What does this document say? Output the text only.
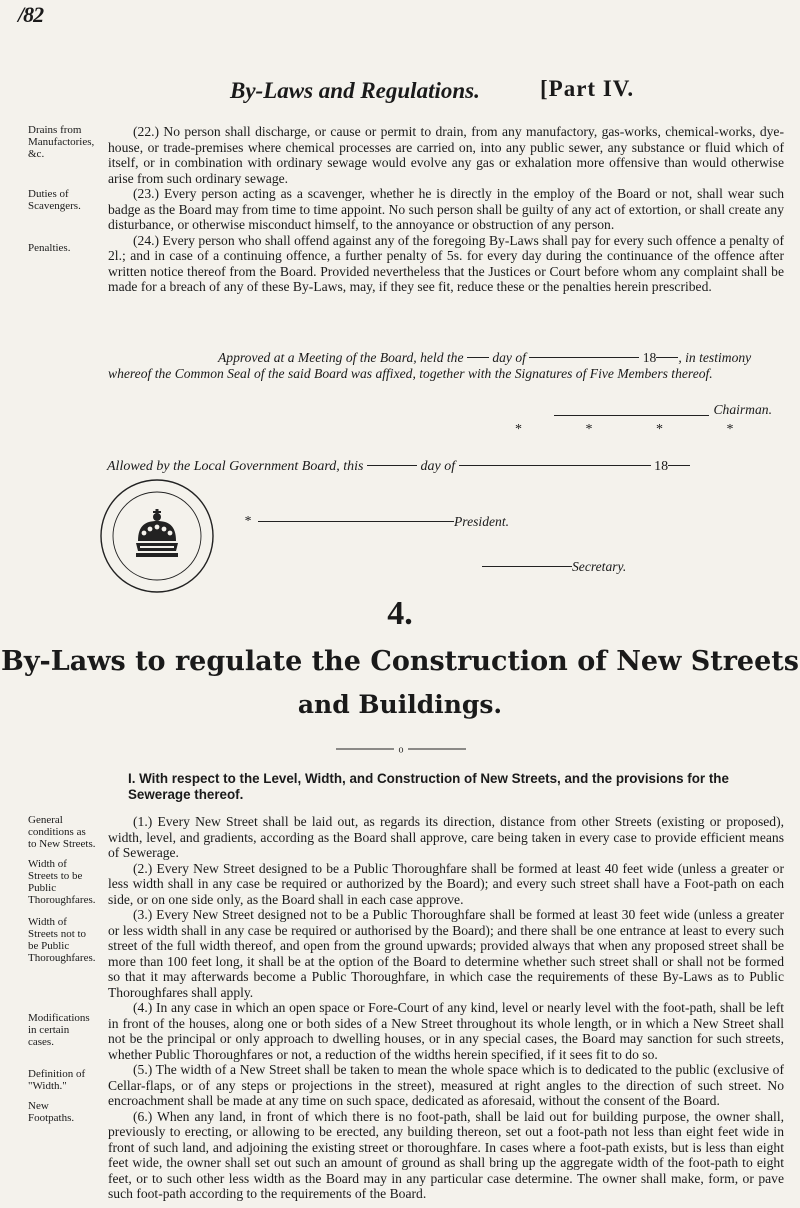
/82
By-Laws and Regulations.	[Part IV.
Drains from Manufactories, &c.
Duties of Scavengers.
Penalties.

(22.) No person shall discharge, or cause or permit to drain, from any manufactory, gas-works, chemical-works, dye-house, or trade-premises where chemical processes are carried on, into any public sewer, any substance or fluid which of itself, or in combination with ordinary sewage would evolve any gas or exhalation more offensive than would otherwise arise from such ordinary sewage.

(23.) Every person acting as a scavenger, whether he is directly in the employ of the Board or not, shall wear such badge as the Board may from time to time appoint. No such person shall be guilty of any act of extortion, or shall create any disturbance, or otherwise misconduct himself, to the annoyance or obstruction of any person.

(24.) Every person who shall offend against any of the foregoing By-Laws shall pay for every such offence a penalty of 2l.; and in case of a continuing offence, a further penalty of 5s. for every day during the continuance of the offence after written notice thereof from the Board. Provided nevertheless that the Justices or Court before whom any complaint shall be made for a breach of any of these By-Laws, may, if they see fit, reduce these or the penalties herein prescribed.

Approved at a Meeting of the Board, held the day of	18 , in testimony whereof the Common Seal of the said Board was affixed, together with the Signatures of Five Members thereof.
Chairman.
* * * *
Allowed by the Local Government Board, this	day of	18
*	President.
Secretary.
4.
By-Laws to regulate the Construction of New Streets
and Buildings.
o
I. With respect to the Level, Width, and Construction of New Streets, and the provisions for the Sewerage thereof.
General conditions as to New Streets.
Width of Streets to be Public Thoroughfares.
Width of Streets not to be Public Thoroughfares.
Modifications in certain cases.
Definition of "Width."
New Footpaths.

(1.) Every New Street shall be laid out, as regards its direction, distance from other Streets (existing or proposed), width, level, and gradients, according as the Board shall approve, care being taken in every case to provide efficient means of Sewerage.

(2.) Every New Street designed to be a Public Thoroughfare shall be formed at least 40 feet wide (unless a greater or less width shall in any case be required or authorized by the Board); and every such street shall have a Foot-path on each side, or on one side only, as the Board shall in each case approve.

(3.) Every New Street designed not to be a Public Thoroughfare shall be formed at least 30 feet wide (unless a greater or less width shall in any case be required or authorised by the Board); and there shall be one entrance at least to every such street of the full width thereof, and open from the ground upwards; provided always that when any proposed street shall be more than 100 feet long, it shall be at the option of the Board to determine whether such street shall or shall not be formed so that it may afterwards become a Public Thoroughfare, in which case the requirements of these By-Laws as to Public Thoroughfares shall apply.

(4.) In any case in which an open space or Fore-Court of any kind, level or nearly level with the foot-path, shall be left in front of the houses, along one or both sides of a New Street throughout its whole length, or in which a New Street shall not be the principal or only approach to dwelling houses, or in any special cases, the Board may sanction for such streets, whether Public Thoroughfares or not, a reduction of the widths herein specified, if it sees fit to do so.

(5.) The width of a New Street shall be taken to mean the whole space which is to dedicated to the public (exclusive of Cellar-flaps, or of any steps or projections in the street), measured at right angles to the direction of such street. No encroachment shall be made at any time on such space, dedicated as aforesaid, without the consent of the Board.

(6.) When any land, in front of which there is no foot-path, shall be laid out for building purpose, the owner shall, previously to erecting, or allowing to be erected, any building thereon, set out a foot-path not less than eight feet wide in front of such land, and adjoining the existing street or thoroughfare. In cases where a foot-path exists, but is less than eight feet wide, the owner shall set out such an amount of ground as shall bring up the aggregate width of the foot-path to eight feet, or to such other less width as the Board may in any particular case determine. The owner shall make, form, or pave such foot-path according to the requirements of the Board.
